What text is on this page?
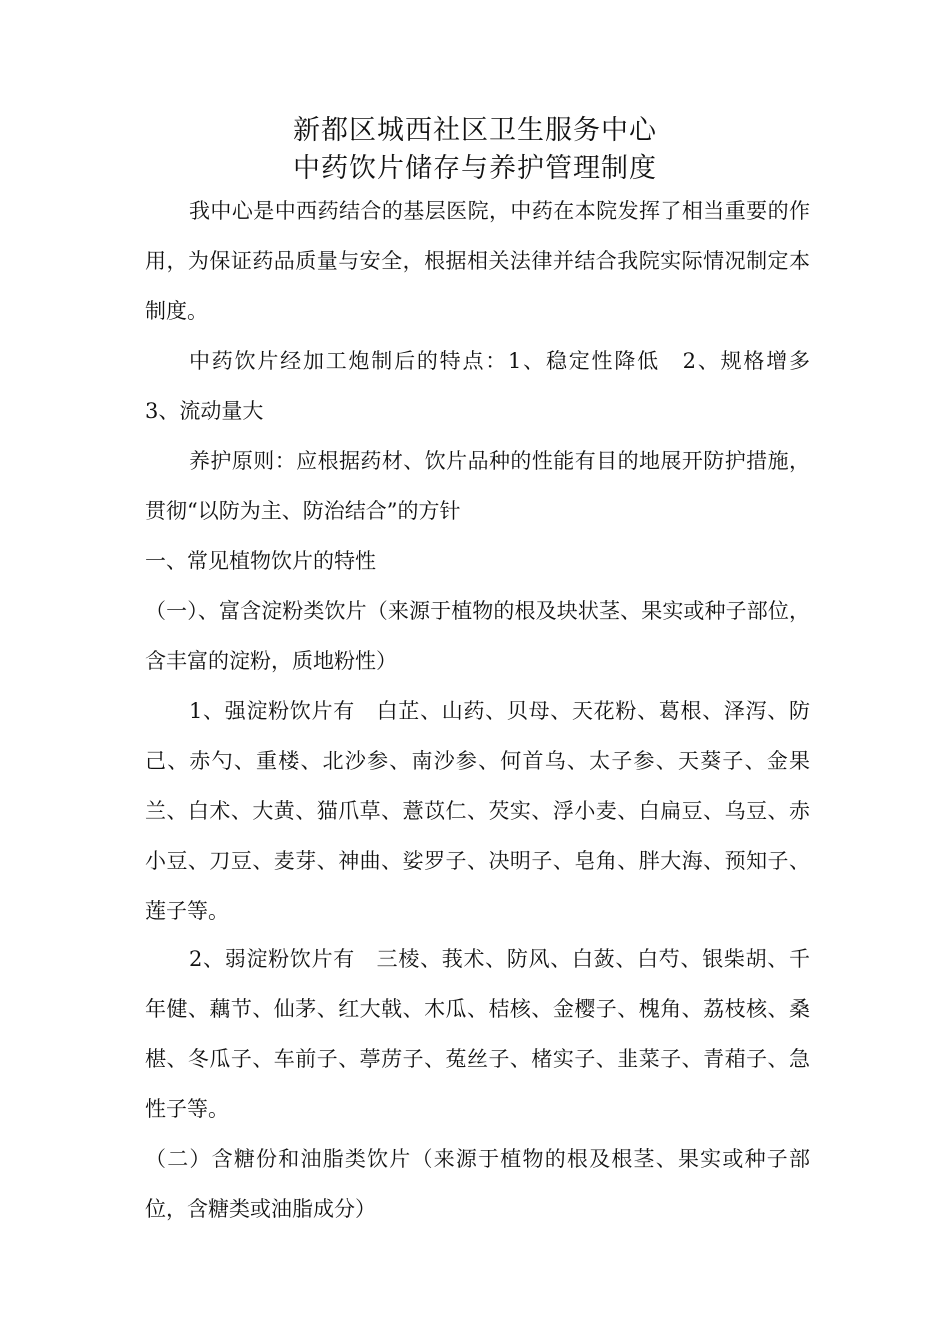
新都区城西社区卫生服务中心
中药饮片储存与养护管理制度
我中心是中西药结合的基层医院，中药在本院发挥了相当重要的作用，为保证药品质量与安全，根据相关法律并结合我院实际情况制定本制度。
中药饮片经加工炮制后的特点：1、稳定性降低　2、规格增多　3、流动量大
养护原则：应根据药材、饮片品种的性能有目的地展开防护措施，贯彻“以防为主、防治结合”的方针
一、常见植物饮片的特性
（一）、富含淀粉类饮片（来源于植物的根及块状茎、果实或种子部位，含丰富的淀粉，质地粉性）
1、强淀粉饮片有　白芷、山药、贝母、天花粉、葛根、泽泻、防己、赤勺、重楼、北沙参、南沙参、何首乌、太子参、天葵子、金果兰、白术、大黄、猫爪草、薏苡仁、芡实、浮小麦、白扁豆、乌豆、赤小豆、刀豆、麦芽、神曲、娑罗子、决明子、皂角、胖大海、预知子、莲子等。
2、弱淀粉饮片有　三棱、莪术、防风、白蔹、白芍、银柴胡、千年健、藕节、仙茅、红大戟、木瓜、桔核、金樱子、槐角、荔枝核、桑椹、冬瓜子、车前子、葶苈子、菟丝子、楮实子、韭菜子、青葙子、急性子等。
（二）含糖份和油脂类饮片（来源于植物的根及根茎、果实或种子部位，含糖类或油脂成分）
